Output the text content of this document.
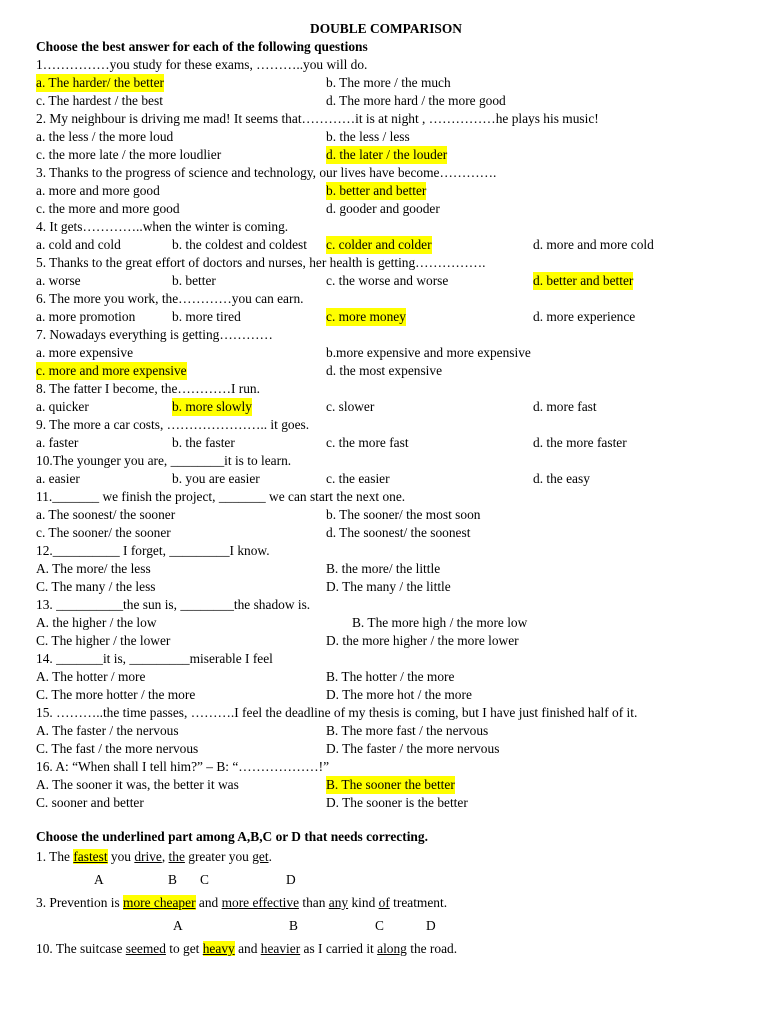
DOUBLE COMPARISON
Choose the best answer for each of the following questions
1……………you study for these exams, ………..you will do.
a. The harder/ the better	b. The more / the much
c. The hardest / the best	d. The more hard / the more good
2. My neighbour is driving me mad! It seems that…………it is at night , ……………he plays his music!
a. the less / the more loud	b. the less / less
c. the more late / the more loudlier	d. the later / the louder
3. Thanks to the progress of science and technology, our lives have become………….
a. more and more good	b. better and better
c. the more and more good	d. gooder and gooder
4. It gets…………..when the winter is coming.
a. cold and cold	b. the coldest and coldest c. colder and colder	d. more and more cold
5. Thanks to the great effort of doctors and nurses, her health is getting…………….
a. worse	b. better	c. the worse and worse	d. better and better
6. The more you work, the…………you can earn.
a. more promotion	b. more tired	c. more money	d. more experience
7. Nowadays everything is getting…………
a. more expensive	b.more expensive and more expensive
c. more and more expensive	d. the most expensive
8. The fatter I become, the…………I run.
a. quicker	b. more slowly	c. slower	d. more fast
9. The more a car costs, ………………….. it goes.
a. faster	b. the faster	c. the more fast	d. the more faster
10.The younger you are, ________it is to learn.
a. easier	b. you are easier	c. the easier	d. the easy
11._______ we finish the project, _______ we can start the next one.
a. The soonest/ the sooner	b. The sooner/ the most soon
c. The sooner/ the sooner	d. The soonest/ the soonest
12.__________ I forget, _________I know.
A. The more/ the less	B. the more/ the little
C. The many / the less	D. The many / the little
13. __________the sun is, ________the shadow is.
A. the higher / the low	B. The more high / the more low
C. The higher / the lower	D. the more higher / the more lower
14. _______it is, _________miserable I feel
A. The hotter / more	B. The hotter / the more
C. The more hotter / the more	D. The more hot / the more
15. ………..the time passes, ……….I feel the deadline of my thesis is coming, but I have just finished half of it.
A. The faster / the nervous	B. The more fast / the nervous
C. The fast / the more nervous	D. The faster / the more nervous
16. A: “When shall I tell him?” – B: “………………!”
A. The sooner it was, the better it was	B. The sooner the better
C. sooner and better	D. The sooner is the better
Choose the underlined part among A,B,C or D that needs correcting.
1. The fastest you drive, the greater you get.
A	B C	D
3. Prevention is more cheaper and more effective than any kind of treatment.
A	B	C	D
10. The suitcase seemed to get heavy and heavier as I carried it along the road.
